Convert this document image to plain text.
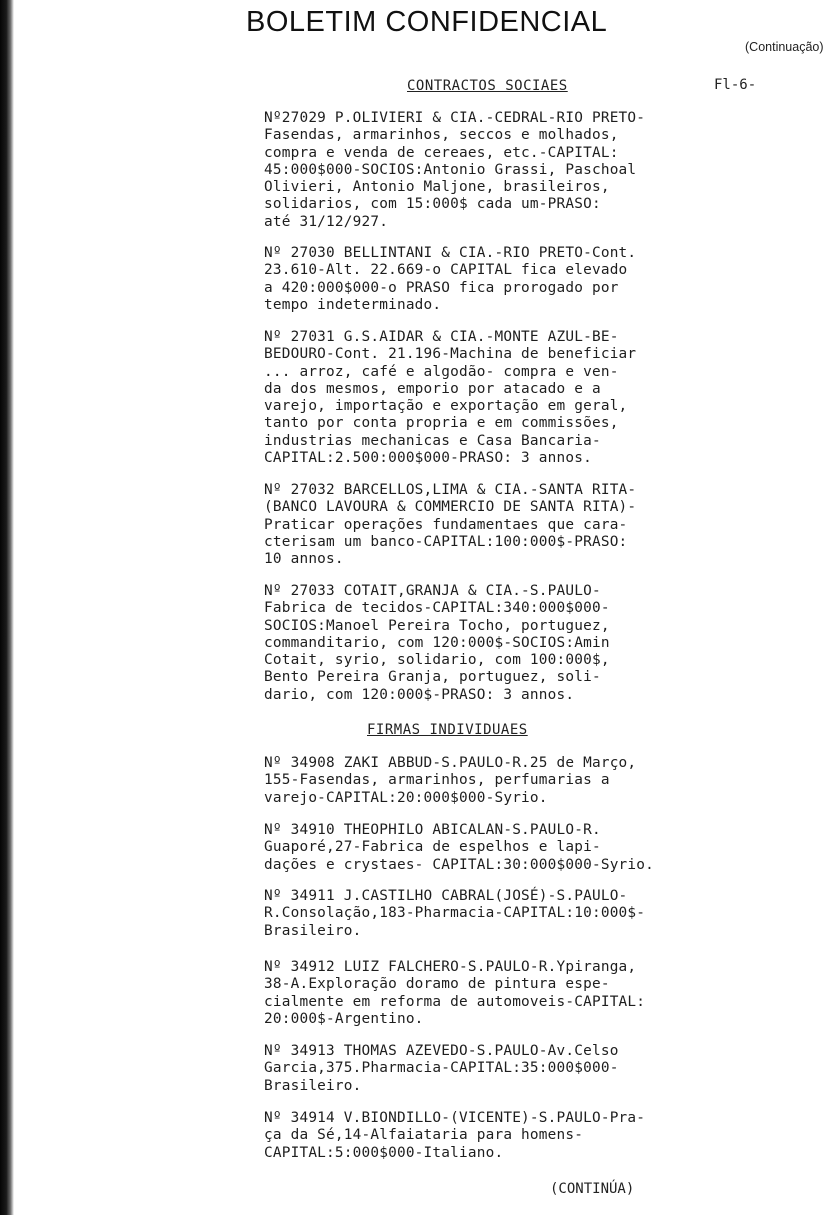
BOLETIM CONFIDENCIAL
(Continuação)
CONTRACTOS SOCIAES	Fl-6-
Nº27029 P.OLIVIERI & CIA.-CEDRAL-RIO PRETO-
Fasendas, armarinhos, seccos e molhados,
compra e venda de cereaes, etc.-CAPITAL:
45:000$000-SOCIOS:Antonio Grassi, Paschoal
Olivieri, Antonio Maljone, brasileiros,
solidarios, com 15:000$ cada um-PRASO:
até 31/12/927.
Nº 27030 BELLINTANI & CIA.-RIO PRETO-Cont.
23.610-Alt. 22.669-o CAPITAL fica elevado
a 420:000$000-o PRASO fica prorogado por
tempo indeterminado.
Nº 27031 G.S.AIDAR & CIA.-MONTE AZUL-BE-
BEDOURO-Cont. 21.196-Machina de beneficiar
... arroz, café e algodão- compra e ven-
da dos mesmos, emporio por atacado e a
varejo, importação e exportação em geral,
tanto por conta propria e em commissões,
industrias mechanicas e Casa Bancaria-
CAPITAL:2.500:000$000-PRASO: 3 annos.
Nº 27032 BARCELLOS,LIMA & CIA.-SANTA RITA-
(BANCO LAVOURA & COMMERCIO DE SANTA RITA)-
Praticar operações fundamentaes que cara-
cterisam um banco-CAPITAL:100:000$-PRASO:
10 annos.
Nº 27033 COTAIT,GRANJA & CIA.-S.PAULO-
Fabrica de tecidos-CAPITAL:340:000$000-
SOCIOS:Manoel Pereira Tocho, portuguez,
commanditario, com 120:000$-SOCIOS:Amin
Cotait, syrio, solidario, com 100:000$,
Bento Pereira Granja, portuguez, soli-
dario, com 120:000$-PRASO: 3 annos.
FIRMAS INDIVIDUAES
Nº 34908 ZAKI ABBUD-S.PAULO-R.25 de Março,
155-Fasendas, armarinhos, perfumarias a
varejo-CAPITAL:20:000$000-Syrio.
Nº 34910 THEOPHILO ABICALAN-S.PAULO-R.
Guaporé,27-Fabrica de espelhos e lapi-
dações e crystaes- CAPITAL:30:000$000-Syrio.
Nº 34911 J.CASTILHO CABRAL(JOSÉ)-S.PAULO-
R.Consolação,183-Pharmacia-CAPITAL:10:000$-
Brasileiro.
Nº 34912 LUIZ FALCHERO-S.PAULO-R.Ypiranga,
38-A.Exploração doramo de pintura espe-
cialmente em reforma de automoveis-CAPITAL:
20:000$-Argentino.
Nº 34913 THOMAS AZEVEDO-S.PAULO-Av.Celso
Garcia,375.Pharmacia-CAPITAL:35:000$000-
Brasileiro.
Nº 34914 V.BIONDILLO-(VICENTE)-S.PAULO-Pra-
ça da Sé,14-Alfaiataria para homens-
CAPITAL:5:000$000-Italiano.
(CONTINÚA)
